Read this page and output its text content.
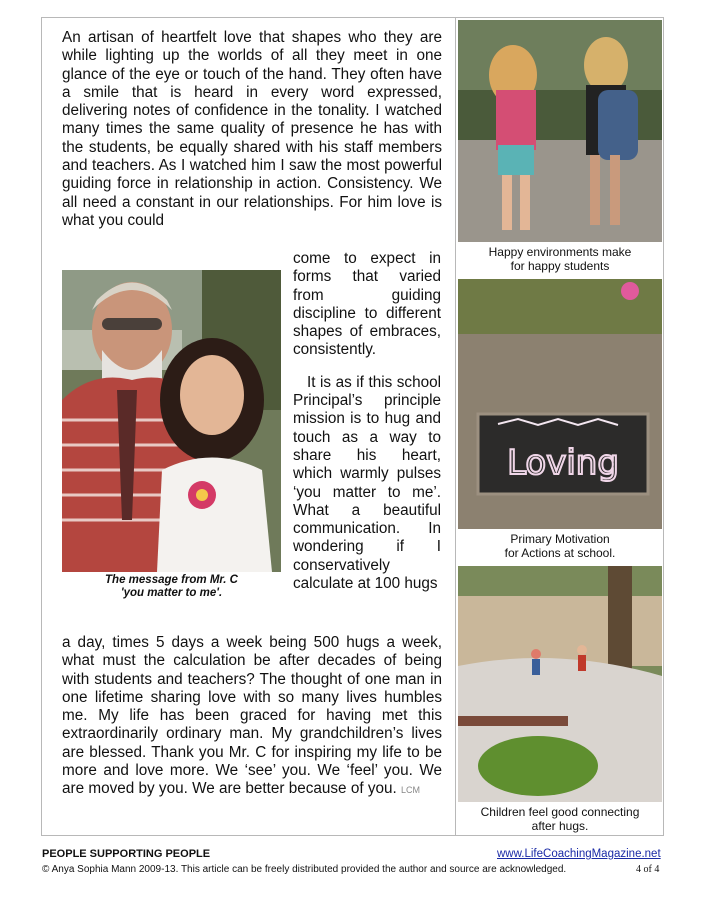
An artisan of heartfelt love that shapes who they are while lighting up the worlds of all they meet in one glance of the eye or touch of the hand. They often have a smile that is heard in every word expressed, delivering notes of confidence in the tonality. I watched many times the same quality of presence he has with the students, be equally shared with his staff members and teachers. As I watched him I saw the most powerful guiding force in relationship in action. Consistency. We all need a constant in our relationships. For him love is what you could

The message from Mr. C
'you matter to me'.

come to expect in forms that varied from guiding discipline to different shapes of embraces, consistently.

It is as if this school Principal’s principle mission is to hug and touch as a way to share his heart, which warmly pulses ‘you matter to me’. What a beautiful communication. In wondering if I conservatively calculate at 100 hugs

a day, times 5 days a week being 500 hugs a week, what must the calculation be after decades of being with students and teachers? The thought of one man in one lifetime sharing love with so many lives humbles me. My life has been graced for having met this extraordinarily ordinary man. My grandchildren’s lives are blessed. Thank you Mr. C for inspiring my life to be more and love more. We ‘see’ you. We ‘feel’ you. We are moved by you. We are better because of you. LCM
Happy environments make
for happy students
Loving
Primary Motivation
for Actions at school.
Children feel good connecting
after hugs.
PEOPLE SUPPORTING PEOPLE	www.LifeCoachingMagazine.net
© Anya Sophia Mann 2009-13. This article can be freely distributed provided the author and source are acknowledged.	4 of 4
